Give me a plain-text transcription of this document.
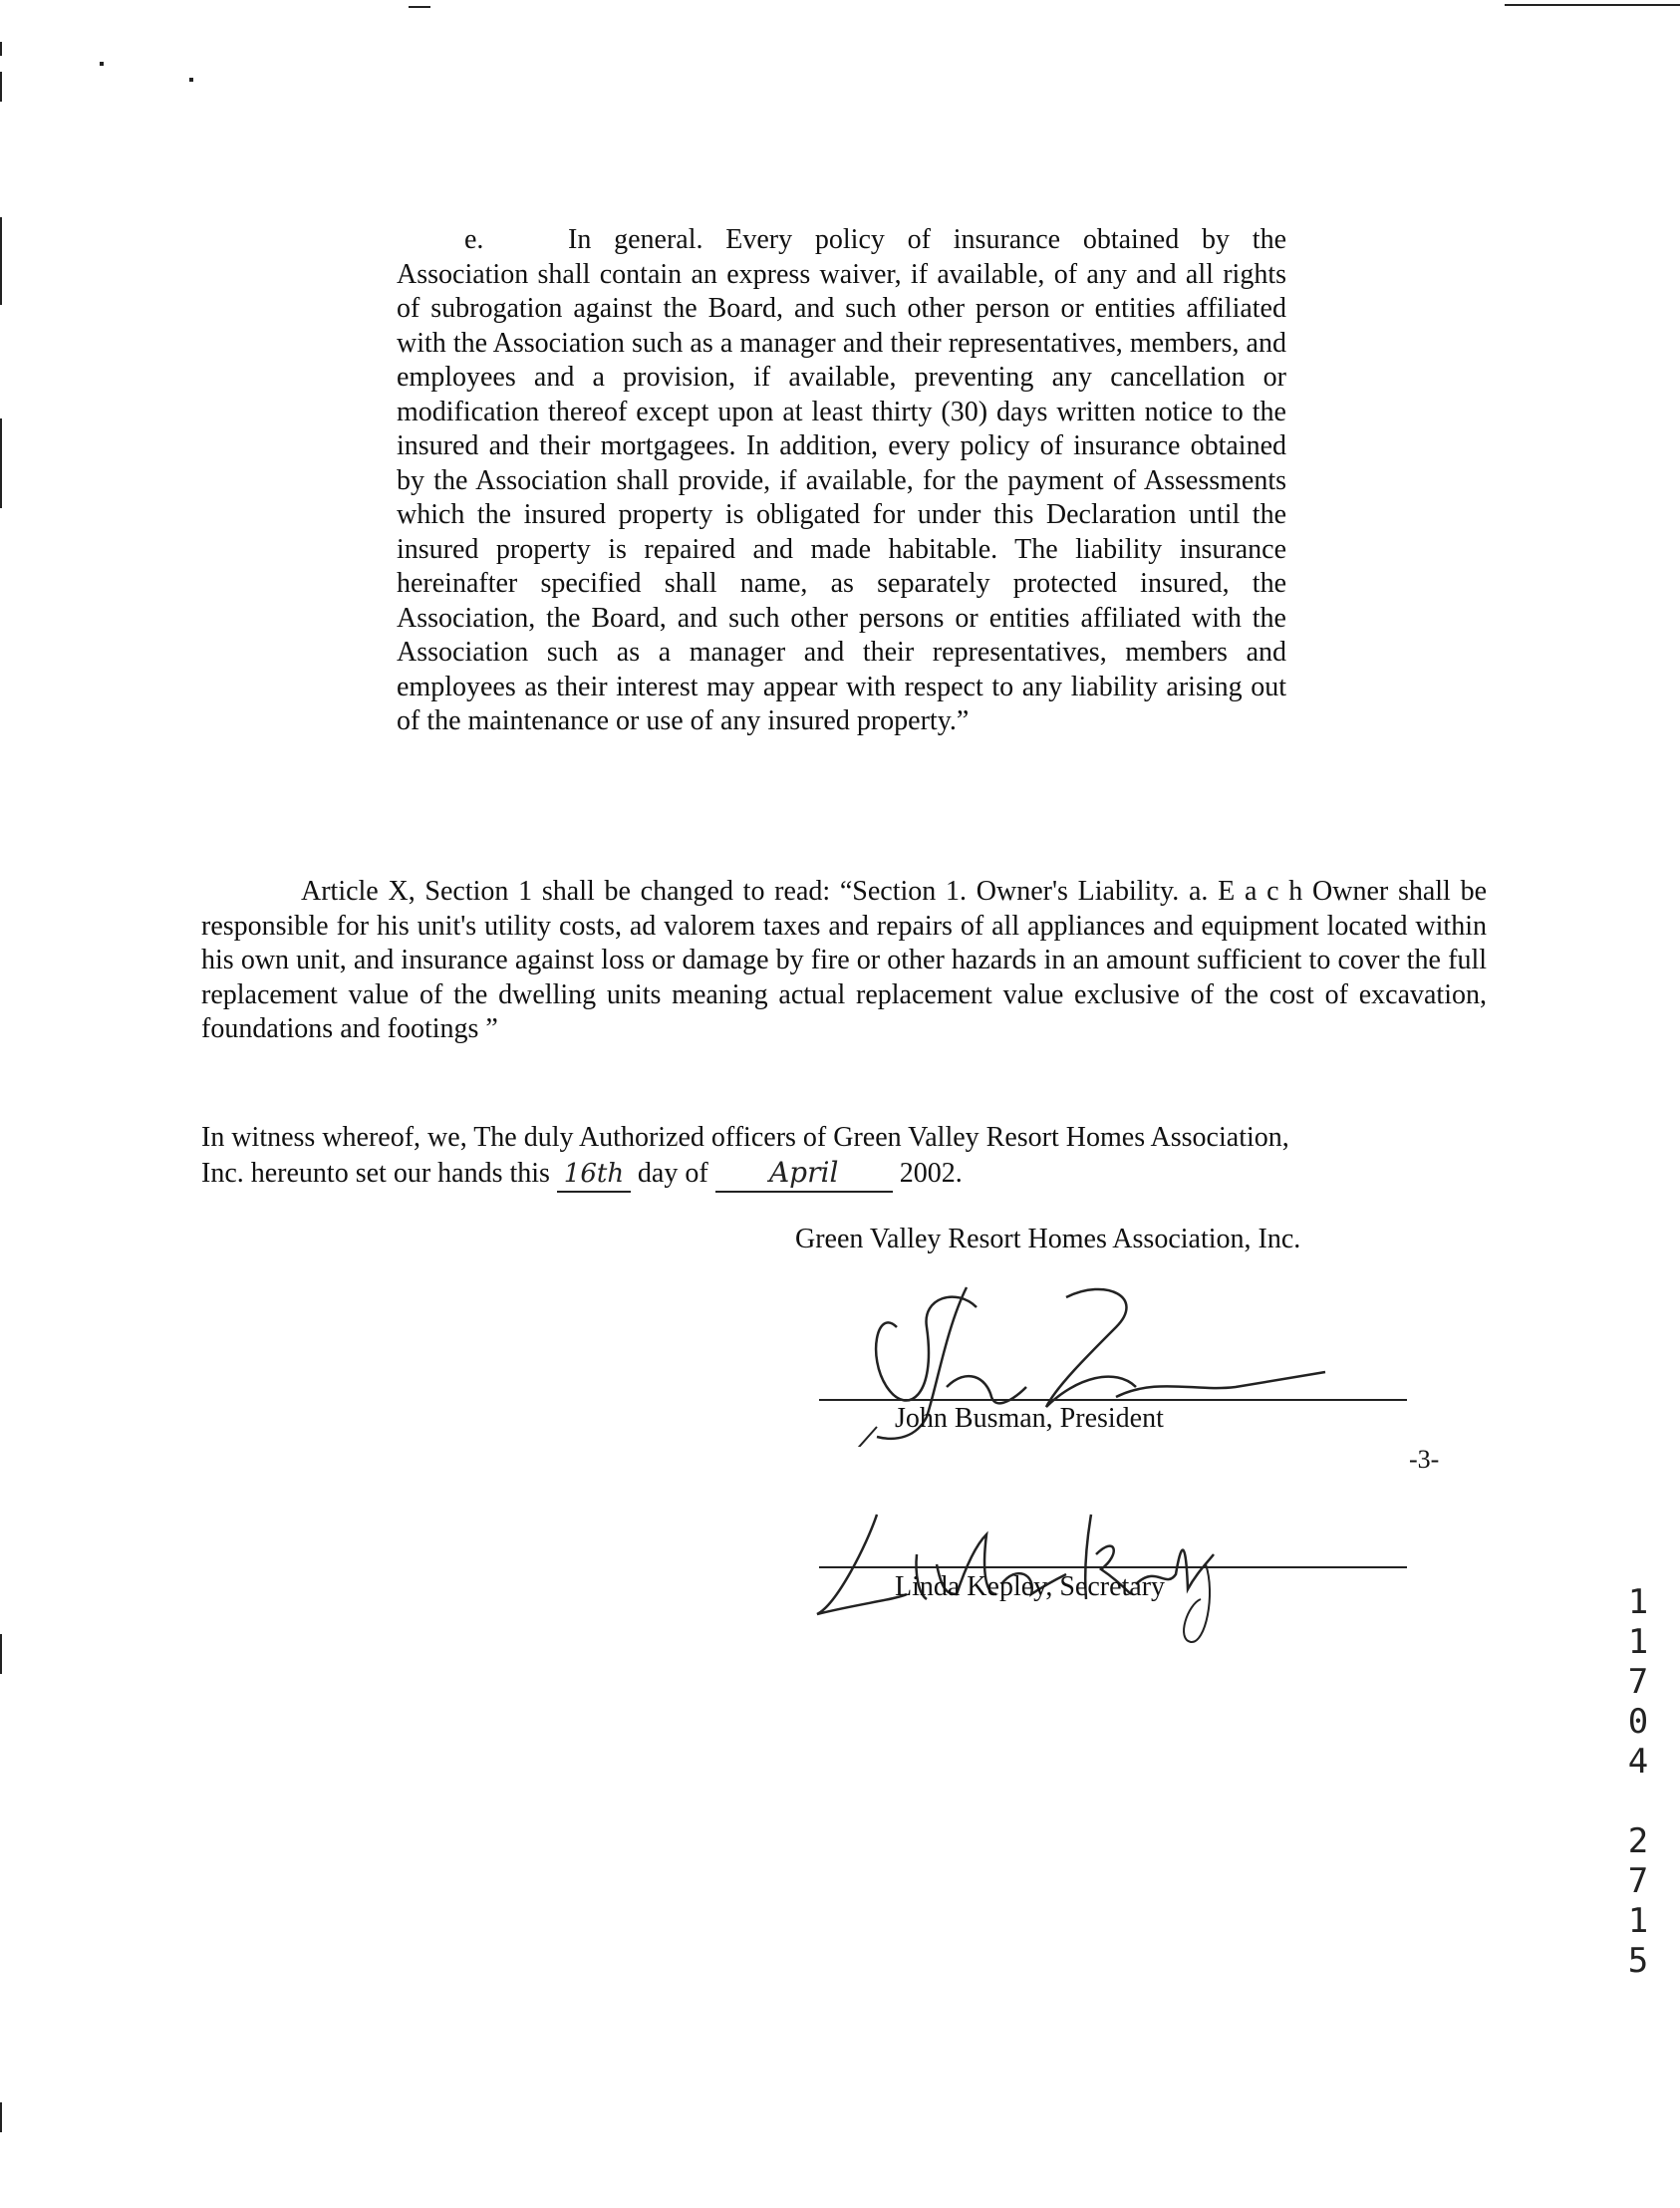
e.	In general. Every policy of insurance obtained by the Association shall contain an express waiver, if available, of any and all rights of subrogation against the Board, and such other person or entities affiliated with the Association such as a manager and their representatives, members, and employees and a provision, if available, preventing any cancellation or modification thereof except upon at least thirty (30) days written notice to the insured and their mortgagees. In addition, every policy of insurance obtained by the Association shall provide, if available, for the payment of Assessments which the insured property is obligated for under this Declaration until the insured property is repaired and made habitable. The liability insurance hereinafter specified shall name, as separately protected insured, the Association, the Board, and such other persons or entities affiliated with the Association such as a manager and their representatives, members and employees as their interest may appear with respect to any liability arising out of the maintenance or use of any insured property.”

Article X, Section 1 shall be changed to read: “Section 1. Owner's Liability. a. E a c h Owner shall be responsible for his unit's utility costs, ad valorem taxes and repairs of all appliances and equipment located within his own unit, and insurance against loss or damage by fire or other hazards in an amount sufficient to cover the full replacement value of the dwelling units meaning actual replacement value exclusive of the cost of excavation, foundations and footings ”

In witness whereof, we, The duly Authorized officers of Green Valley Resort Homes Association,
Inc. hereunto set our hands this 16th day of April 2002.

Green Valley Resort Homes Association, Inc.

John Busman, President

Linda Kepley, Secretary

-3-

1
1
7
0
4

2
7
1
5
